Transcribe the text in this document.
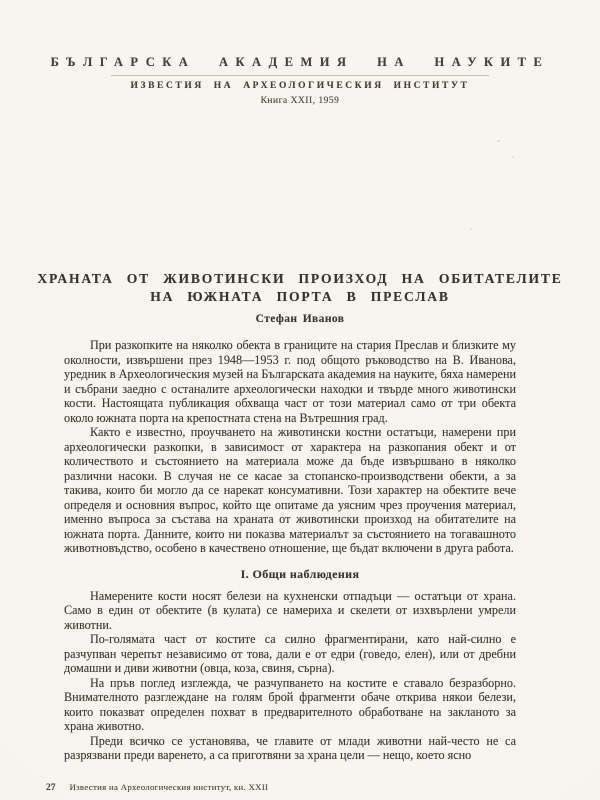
БЪЛГАРСКА АКАДЕМИЯ НА НАУКИТЕ
ИЗВЕСТИЯ НА АРХЕОЛОГИЧЕСКИЯ ИНСТИТУТ
Книга XXII, 1959
ХРАНАТА ОТ ЖИВОТИНСКИ ПРОИЗХОД НА ОБИТАТЕЛИТЕ
НА ЮЖНАТА ПОРТА В ПРЕСЛАВ
Стефан Иванов

При разкопките на няколко обекта в границите на стария Преслав и близките му околности, извършени през 1948—1953 г. под общото ръководство на В. Иванова, уредник в Археологическия музей на Българската академия на науките, бяха намерени и събрани заедно с останалите археологически находки и твърде много животински кости. Настоящата публикация обхваща част от този материал само от три обекта около южната порта на крепостната стена на Вътрешния град.

Както е известно, проучването на животински костни остатъци, намерени при археологически разкопки, в зависимост от характера на разкопания обект и от количеството и състоянието на материала може да бъде извършвано в няколко различни насоки. В случая не се касае за стопанско-производствени обекти, а за такива, които би могло да се нарекат консумативни. Този характер на обектите вече определя и основния въпрос, който ще опитаме да уясним чрез проучения материал, именно въпроса за състава на храната от животински произход на обитателите на южната порта. Данните, които ни показва материалът за състоянието на тогавашното животновъдство, особено в качествено отношение, ще бъдат включени в друга работа.

I. Общи наблюдения

Намерените кости носят белези на кухненски отпадъци — остатъци от храна. Само в един от обектите (в кулата) се намериха и скелети от изхвърлени умрели животни.

По-голямата част от костите са силно фрагментирани, като най-силно е разчупван черепът независимо от това, дали е от едри (говедо, елен), или от дребни домашни и диви животни (овца, коза, свиня, сърна).

На пръв поглед изглежда, че разчупването на костите е ставало безразборно. Внимателното разглеждане на голям брой фрагменти обаче открива някои белези, които показват определен похват в предварителното обработване на закланото за храна животно.

Преди всичко се установява, че главите от млади животни най-често не са разрязвани преди варенето, а са приготвяни за храна цели — нещо, което ясно

27 Известия на Археологическия институт, кн. XXII
